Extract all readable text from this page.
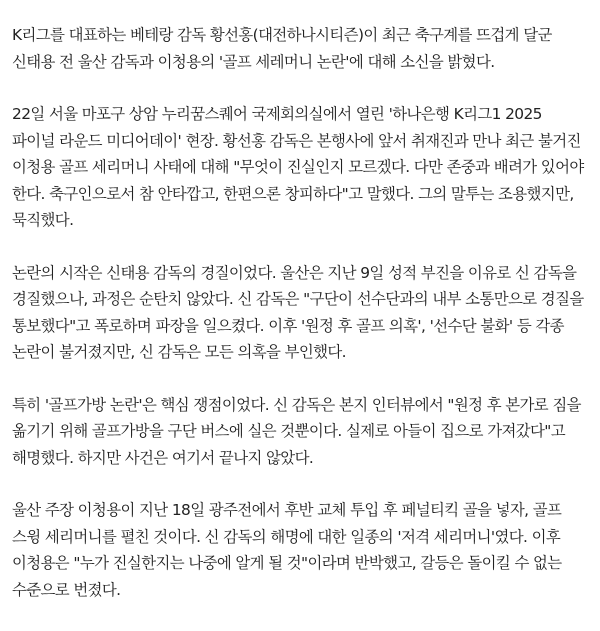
K리그를 대표하는 베테랑 감독 황선홍(대전하나시티즌)이 최근 축구계를 뜨겁게 달군 신태용 전 울산 감독과 이청용의 '골프 세레머니 논란'에 대해 소신을 밝혔다.

22일 서울 마포구 상암 누리꿈스퀘어 국제회의실에서 열린 '하나은행 K리그1 2025 파이널 라운드 미디어데이' 현장. 황선홍 감독은 본행사에 앞서 취재진과 만나 최근 불거진 이청용 골프 세리머니 사태에 대해 "무엇이 진실인지 모르겠다. 다만 존중과 배려가 있어야 한다. 축구인으로서 참 안타깝고, 한편으론 창피하다"고 말했다. 그의 말투는 조용했지만, 묵직했다.

논란의 시작은 신태용 감독의 경질이었다. 울산은 지난 9일 성적 부진을 이유로 신 감독을 경질했으나, 과정은 순탄치 않았다. 신 감독은 "구단이 선수단과의 내부 소통만으로 경질을 통보했다"고 폭로하며 파장을 일으켰다. 이후 '원정 후 골프 의혹', '선수단 불화' 등 각종 논란이 불거졌지만, 신 감독은 모든 의혹을 부인했다.

특히 '골프가방 논란'은 핵심 쟁점이었다. 신 감독은 본지 인터뷰에서 "원정 후 본가로 짐을 옮기기 위해 골프가방을 구단 버스에 실은 것뿐이다. 실제로 아들이 집으로 가져갔다"고 해명했다. 하지만 사건은 여기서 끝나지 않았다.

울산 주장 이청용이 지난 18일 광주전에서 후반 교체 투입 후 페널티킥 골을 넣자, 골프 스윙 세리머니를 펼친 것이다. 신 감독의 해명에 대한 일종의 '저격 세리머니'였다. 이후 이청용은 "누가 진실한지는 나중에 알게 될 것"이라며 반박했고, 갈등은 돌이킬 수 없는 수준으로 번졌다.
